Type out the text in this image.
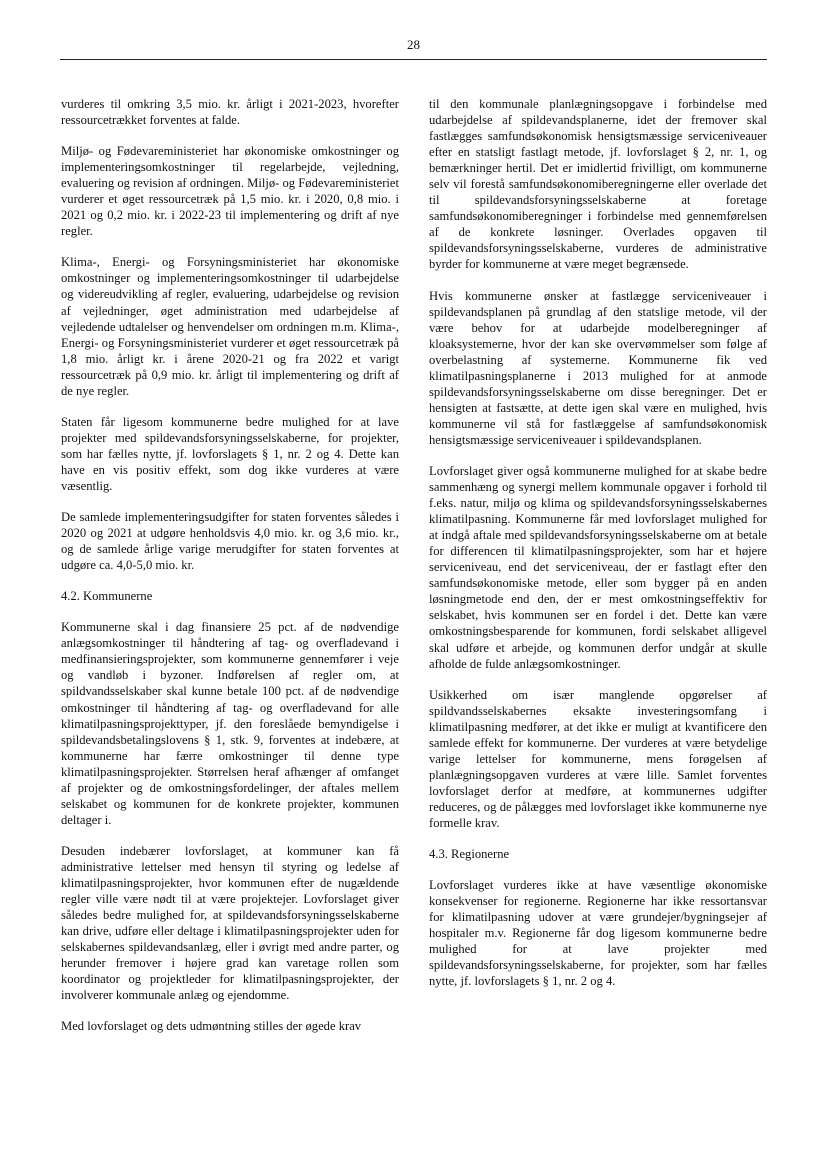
28

vurderes til omkring 3,5 mio. kr. årligt i 2021-2023, hvorefter ressourcetrækket forventes at falde.

Miljø- og Fødevareministeriet har økonomiske omkostninger og implementeringsomkostninger til regelarbejde, vejledning, evaluering og revision af ordningen. Miljø- og Fødevareministeriet vurderer et øget ressourcetræk på 1,5 mio. kr. i 2020, 0,8 mio. i 2021 og 0,2 mio. kr. i 2022-23 til implementering og drift af nye regler.

Klima-, Energi- og Forsyningsministeriet har økonomiske omkostninger og implementeringsomkostninger til udarbejdelse og videreudvikling af regler, evaluering, udarbejdelse og revision af vejledninger, øget administration med udarbejdelse af vejledende udtalelser og henvendelser om ordningen m.m. Klima-, Energi- og Forsyningsministeriet vurderer et øget ressourcetræk på 1,8 mio. årligt kr. i årene 2020-21 og fra 2022 et varigt ressourcetræk på 0,9 mio. kr. årligt til implementering og drift af de nye regler.

Staten får ligesom kommunerne bedre mulighed for at lave projekter med spildevandsforsyningsselskaberne, for projekter, som har fælles nytte, jf. lovforslagets § 1, nr. 2 og 4. Dette kan have en vis positiv effekt, som dog ikke vurderes at være væsentlig.

De samlede implementeringsudgifter for staten forventes således i 2020 og 2021 at udgøre henholdsvis 4,0 mio. kr. og 3,6 mio. kr., og de samlede årlige varige merudgifter for staten forventes at udgøre ca. 4,0-5,0 mio. kr.

4.2. Kommunerne

Kommunerne skal i dag finansiere 25 pct. af de nødvendige anlægsomkostninger til håndtering af tag- og overfladevand i medfinansieringsprojekter, som kommunerne gennemfører i veje og vandløb i byzoner. Indførelsen af regler om, at spildvandsselskaber skal kunne betale 100 pct. af de nødvendige omkostninger til håndtering af tag- og overfladevand for alle klimatilpasningsprojekttyper, jf. den foreslåede bemyndigelse i spildevandsbetalingslovens § 1, stk. 9, forventes at indebære, at kommunerne har færre omkostninger til denne type klimatilpasningsprojekter. Størrelsen heraf afhænger af omfanget af projekter og de omkostningsfordelinger, der aftales mellem selskabet og kommunen for de konkrete projekter, kommunen deltager i.

Desuden indebærer lovforslaget, at kommuner kan få administrative lettelser med hensyn til styring og ledelse af klimatilpasningsprojekter, hvor kommunen efter de nugældende regler ville være nødt til at være projektejer. Lovforslaget giver således bedre mulighed for, at spildevandsforsyningsselskaberne kan drive, udføre eller deltage i klimatilpasningsprojekter uden for selskabernes spildevandsanlæg, eller i øvrigt med andre parter, og herunder fremover i højere grad kan varetage rollen som koordinator og projektleder for klimatilpasningsprojekter, der involverer kommunale anlæg og ejendomme.

Med lovforslaget og dets udmøntning stilles der øgede krav

til den kommunale planlægningsopgave i forbindelse med udarbejdelse af spildevandsplanerne, idet der fremover skal fastlægges samfundsøkonomisk hensigtsmæssige serviceniveauer efter en statsligt fastlagt metode, jf. lovforslaget § 2, nr. 1, og bemærkninger hertil. Det er imidlertid frivilligt, om kommunerne selv vil forestå samfundsøkonomiberegningerne eller overlade det til spildevandsforsyningsselskaberne at foretage samfundsøkonomiberegninger i forbindelse med gennemførelsen af de konkrete løsninger. Overlades opgaven til spildevandsforsyningsselskaberne, vurderes de administrative byrder for kommunerne at være meget begrænsede.

Hvis kommunerne ønsker at fastlægge serviceniveauer i spildevandsplanen på grundlag af den statslige metode, vil der være behov for at udarbejde modelberegninger af kloaksystemerne, hvor der kan ske overvømmelser som følge af overbelastning af systemerne. Kommunerne fik ved klimatilpasningsplanerne i 2013 mulighed for at anmode spildevandsforsyningsselskaberne om disse beregninger. Det er hensigten at fastsætte, at dette igen skal være en mulighed, hvis kommunerne vil stå for fastlæggelse af samfundsøkonomisk hensigtsmæssige serviceniveauer i spildevandsplanen.

Lovforslaget giver også kommunerne mulighed for at skabe bedre sammenhæng og synergi mellem kommunale opgaver i forhold til f.eks. natur, miljø og klima og spildevandsforsyningsselskabernes klimatilpasning. Kommunerne får med lovforslaget mulighed for at indgå aftale med spildevandsforsyningsselskaberne om at betale for differencen til klimatilpasningsprojekter, som har et højere serviceniveau, end det serviceniveau, der er fastlagt efter den samfundsøkonomiske metode, eller som bygger på en anden løsningmetode end den, der er mest omkostningseffektiv for selskabet, hvis kommunen ser en fordel i det. Dette kan være omkostningsbesparende for kommunen, fordi selskabet alligevel skal udføre et arbejde, og kommunen derfor undgår at skulle afholde de fulde anlægsomkostninger.

Usikkerhed om især manglende opgørelser af spildvandsselskabernes eksakte investeringsomfang i klimatilpasning medfører, at det ikke er muligt at kvantificere den samlede effekt for kommunerne. Der vurderes at være betydelige varige lettelser for kommunerne, mens forøgelsen af planlægningsopgaven vurderes at være lille. Samlet forventes lovforslaget derfor at medføre, at kommunernes udgifter reduceres, og de pålægges med lovforslaget ikke kommunerne nye formelle krav.

4.3. Regionerne

Lovforslaget vurderes ikke at have væsentlige økonomiske konsekvenser for regionerne. Regionerne har ikke ressortansvar for klimatilpasning udover at være grundejer/bygningsejer af hospitaler m.v. Regionerne får dog ligesom kommunerne bedre mulighed for at lave projekter med spildevandsforsyningsselskaberne, for projekter, som har fælles nytte, jf. lovforslagets § 1, nr. 2 og 4.
